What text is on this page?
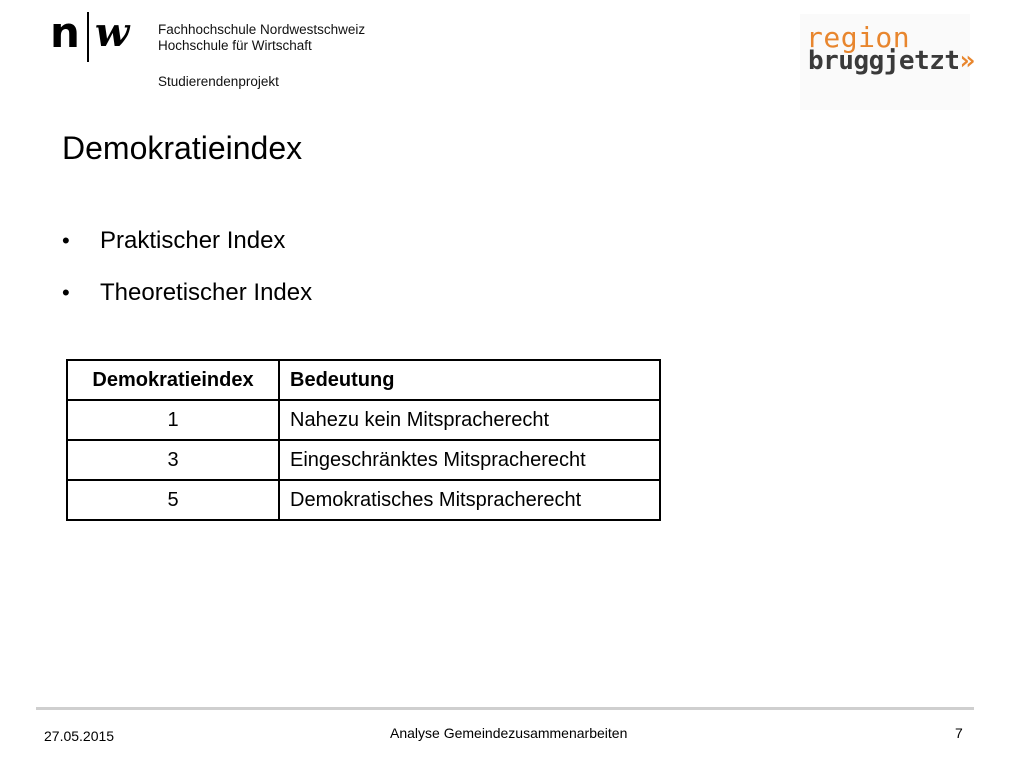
n w Fachhochschule Nordwestschweiz
Hochschule für Wirtschaft
Studierendenprojekt
region
bruggjetzt»
Demokratieindex
•	Praktischer Index
•	Theoretischer Index
Demokratieindex	Bedeutung
1	Nahezu kein Mitspracherecht
3	Eingeschränktes Mitspracherecht
5	Demokratisches Mitspracherecht
27.05.2015	Analyse Gemeindezusammenarbeiten	7
